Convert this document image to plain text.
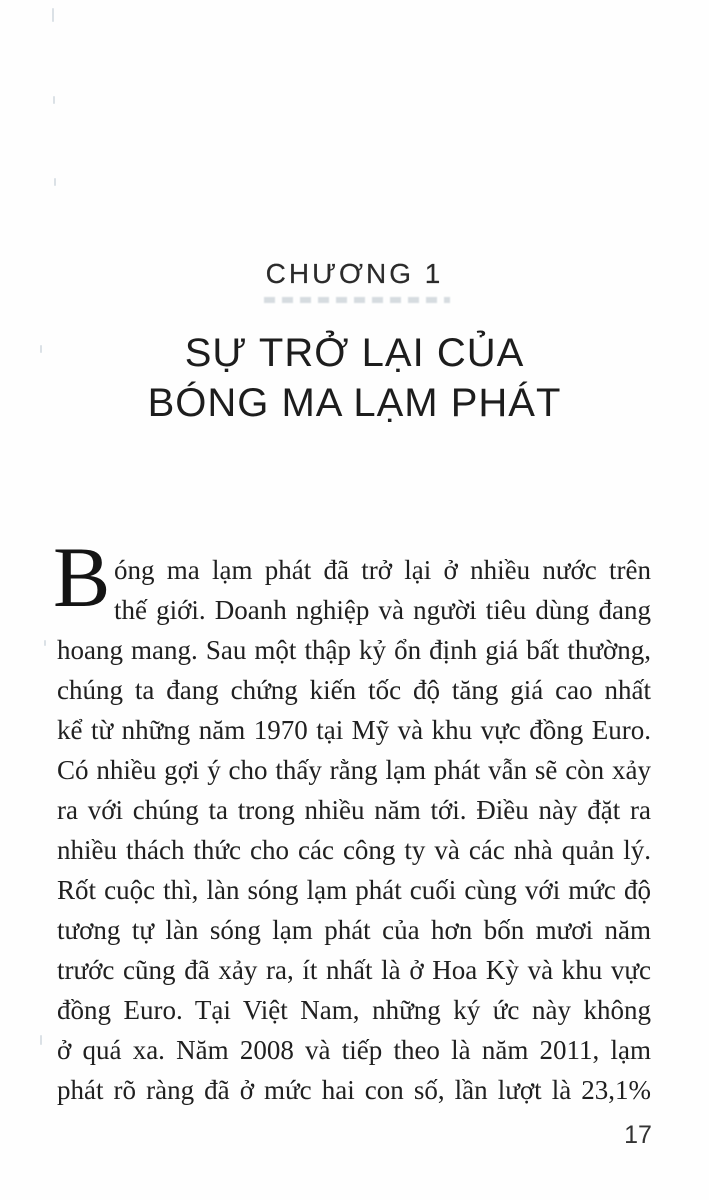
CHƯƠNG 1
SỰ TRỞ LẠI CỦA
BÓNG MA LẠM PHÁT
B óng ma lạm phát đã trở lại ở nhiều nước trên
thế giới. Doanh nghiệp và người tiêu dùng đang
hoang mang. Sau một thập kỷ ổn định giá bất thường,
chúng ta đang chứng kiến tốc độ tăng giá cao nhất
kể từ những năm 1970 tại Mỹ và khu vực đồng Euro.
Có nhiều gợi ý cho thấy rằng lạm phát vẫn sẽ còn xảy
ra với chúng ta trong nhiều năm tới. Điều này đặt ra
nhiều thách thức cho các công ty và các nhà quản lý.
Rốt cuộc thì, làn sóng lạm phát cuối cùng với mức độ
tương tự làn sóng lạm phát của hơn bốn mươi năm
trước cũng đã xảy ra, ít nhất là ở Hoa Kỳ và khu vực
đồng Euro. Tại Việt Nam, những ký ức này không
ở quá xa. Năm 2008 và tiếp theo là năm 2011, lạm
phát rõ ràng đã ở mức hai con số, lần lượt là 23,1%
17
